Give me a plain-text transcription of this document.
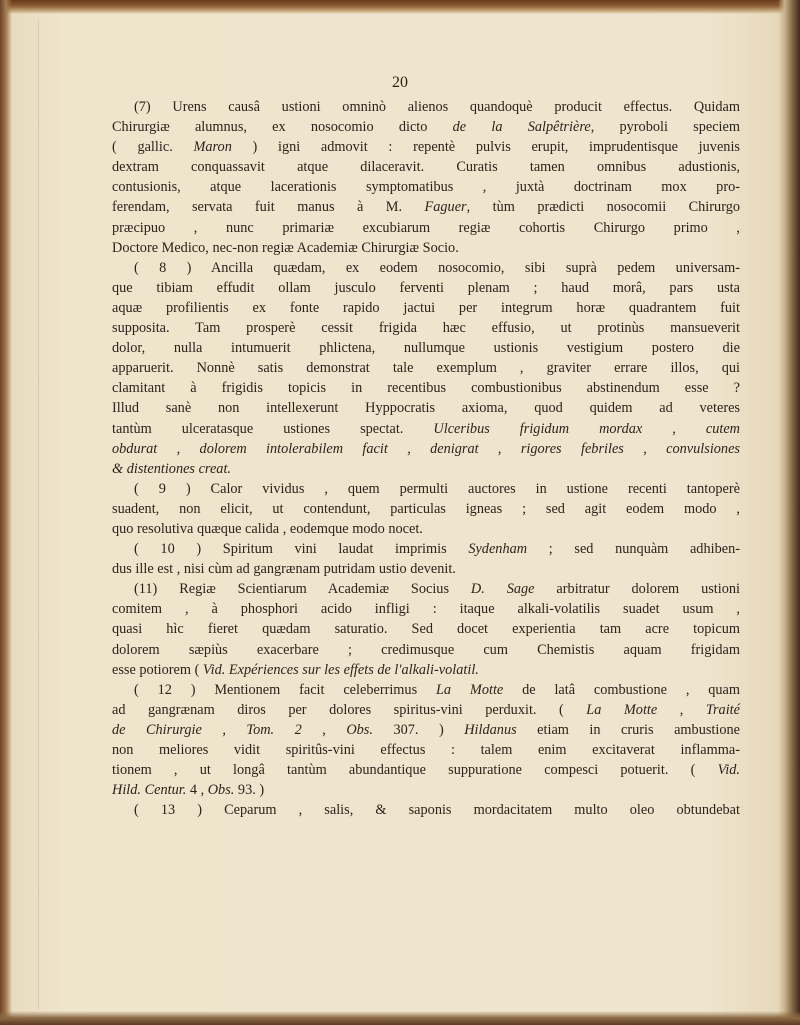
20
(7) Urens causâ ustioni omninò alienos quandoquè producit effectus. Quidam
Chirurgiæ alumnus, ex nosocomio dicto de la Salpêtrière, pyroboli speciem
( gallic. Maron ) igni admovit : repentè pulvis erupit, imprudentisque juvenis
dextram conquassavit atque dilaceravit. Curatis tamen omnibus adustionis,
contusionis, atque lacerationis symptomatibus , juxtà doctrinam mox pro-
ferendam, servata fuit manus à M. Faguer, tùm prædicti nosocomii Chirurgo
præcipuo , nunc primariæ excubiarum regiæ cohortis Chirurgo primo ,
Doctore Medico, nec-non regiæ Academiæ Chirurgiæ Socio.
( 8 ) Ancilla quædam, ex eodem nosocomio, sibi suprà pedem universam-
que tibiam effudit ollam jusculo ferventi plenam ; haud morâ, pars usta
aquæ profilientis ex fonte rapido jactui per integrum horæ quadrantem fuit
supposita. Tam prosperè cessit frigida hæc effusio, ut protinùs mansueverit
dolor, nulla intumuerit phlictena, nullumque ustionis vestigium postero die
apparuerit. Nonnè satis demonstrat tale exemplum , graviter errare illos, qui
clamitant à frigidis topicis in recentibus combustionibus abstinendum esse ?
Illud sanè non intellexerunt Hyppocratis axioma, quod quidem ad veteres
tantùm ulceratasque ustiones spectat. Ulceribus frigidum mordax , cutem
obdurat , dolorem intolerabilem facit , denigrat , rigores febriles , convulsiones
& distentiones creat.
( 9 ) Calor vividus , quem permulti auctores in ustione recenti tantoperè
suadent, non elicit, ut contendunt, particulas igneas ; sed agit eodem modo ,
quo resolutiva quæque calida , eodemque modo nocet.
( 10 ) Spiritum vini laudat imprimis Sydenham ; sed nunquàm adhiben-
dus ille est , nisi cùm ad gangrænam putridam ustio devenit.
(11) Regiæ Scientiarum Academiæ Socius D. Sage arbitratur dolorem ustioni
comitem , à phosphori acido infligi : itaque alkali-volatilis suadet usum ,
quasi hìc fieret quædam saturatio. Sed docet experientia tam acre topicum
dolorem sæpiùs exacerbare ; credimusque cum Chemistis aquam frigidam
esse potiorem ( Vid. Expériences sur les effets de l'alkali-volatil.
( 12 ) Mentionem facit celeberrimus La Motte de latâ combustione , quam
ad gangrænam diros per dolores spiritus-vini perduxit. ( La Motte , Traité
de Chirurgie , Tom. 2 , Obs. 307. ) Hildanus etiam in cruris ambustione
non meliores vidit spiritûs-vini effectus : talem enim excitaverat inflamma-
tionem , ut longâ tantùm abundantique suppuratione compesci potuerit. ( Vid.
Hild. Centur. 4 , Obs. 93. )
( 13 ) Ceparum , salis, & saponis mordacitatem multo oleo obtundebat
